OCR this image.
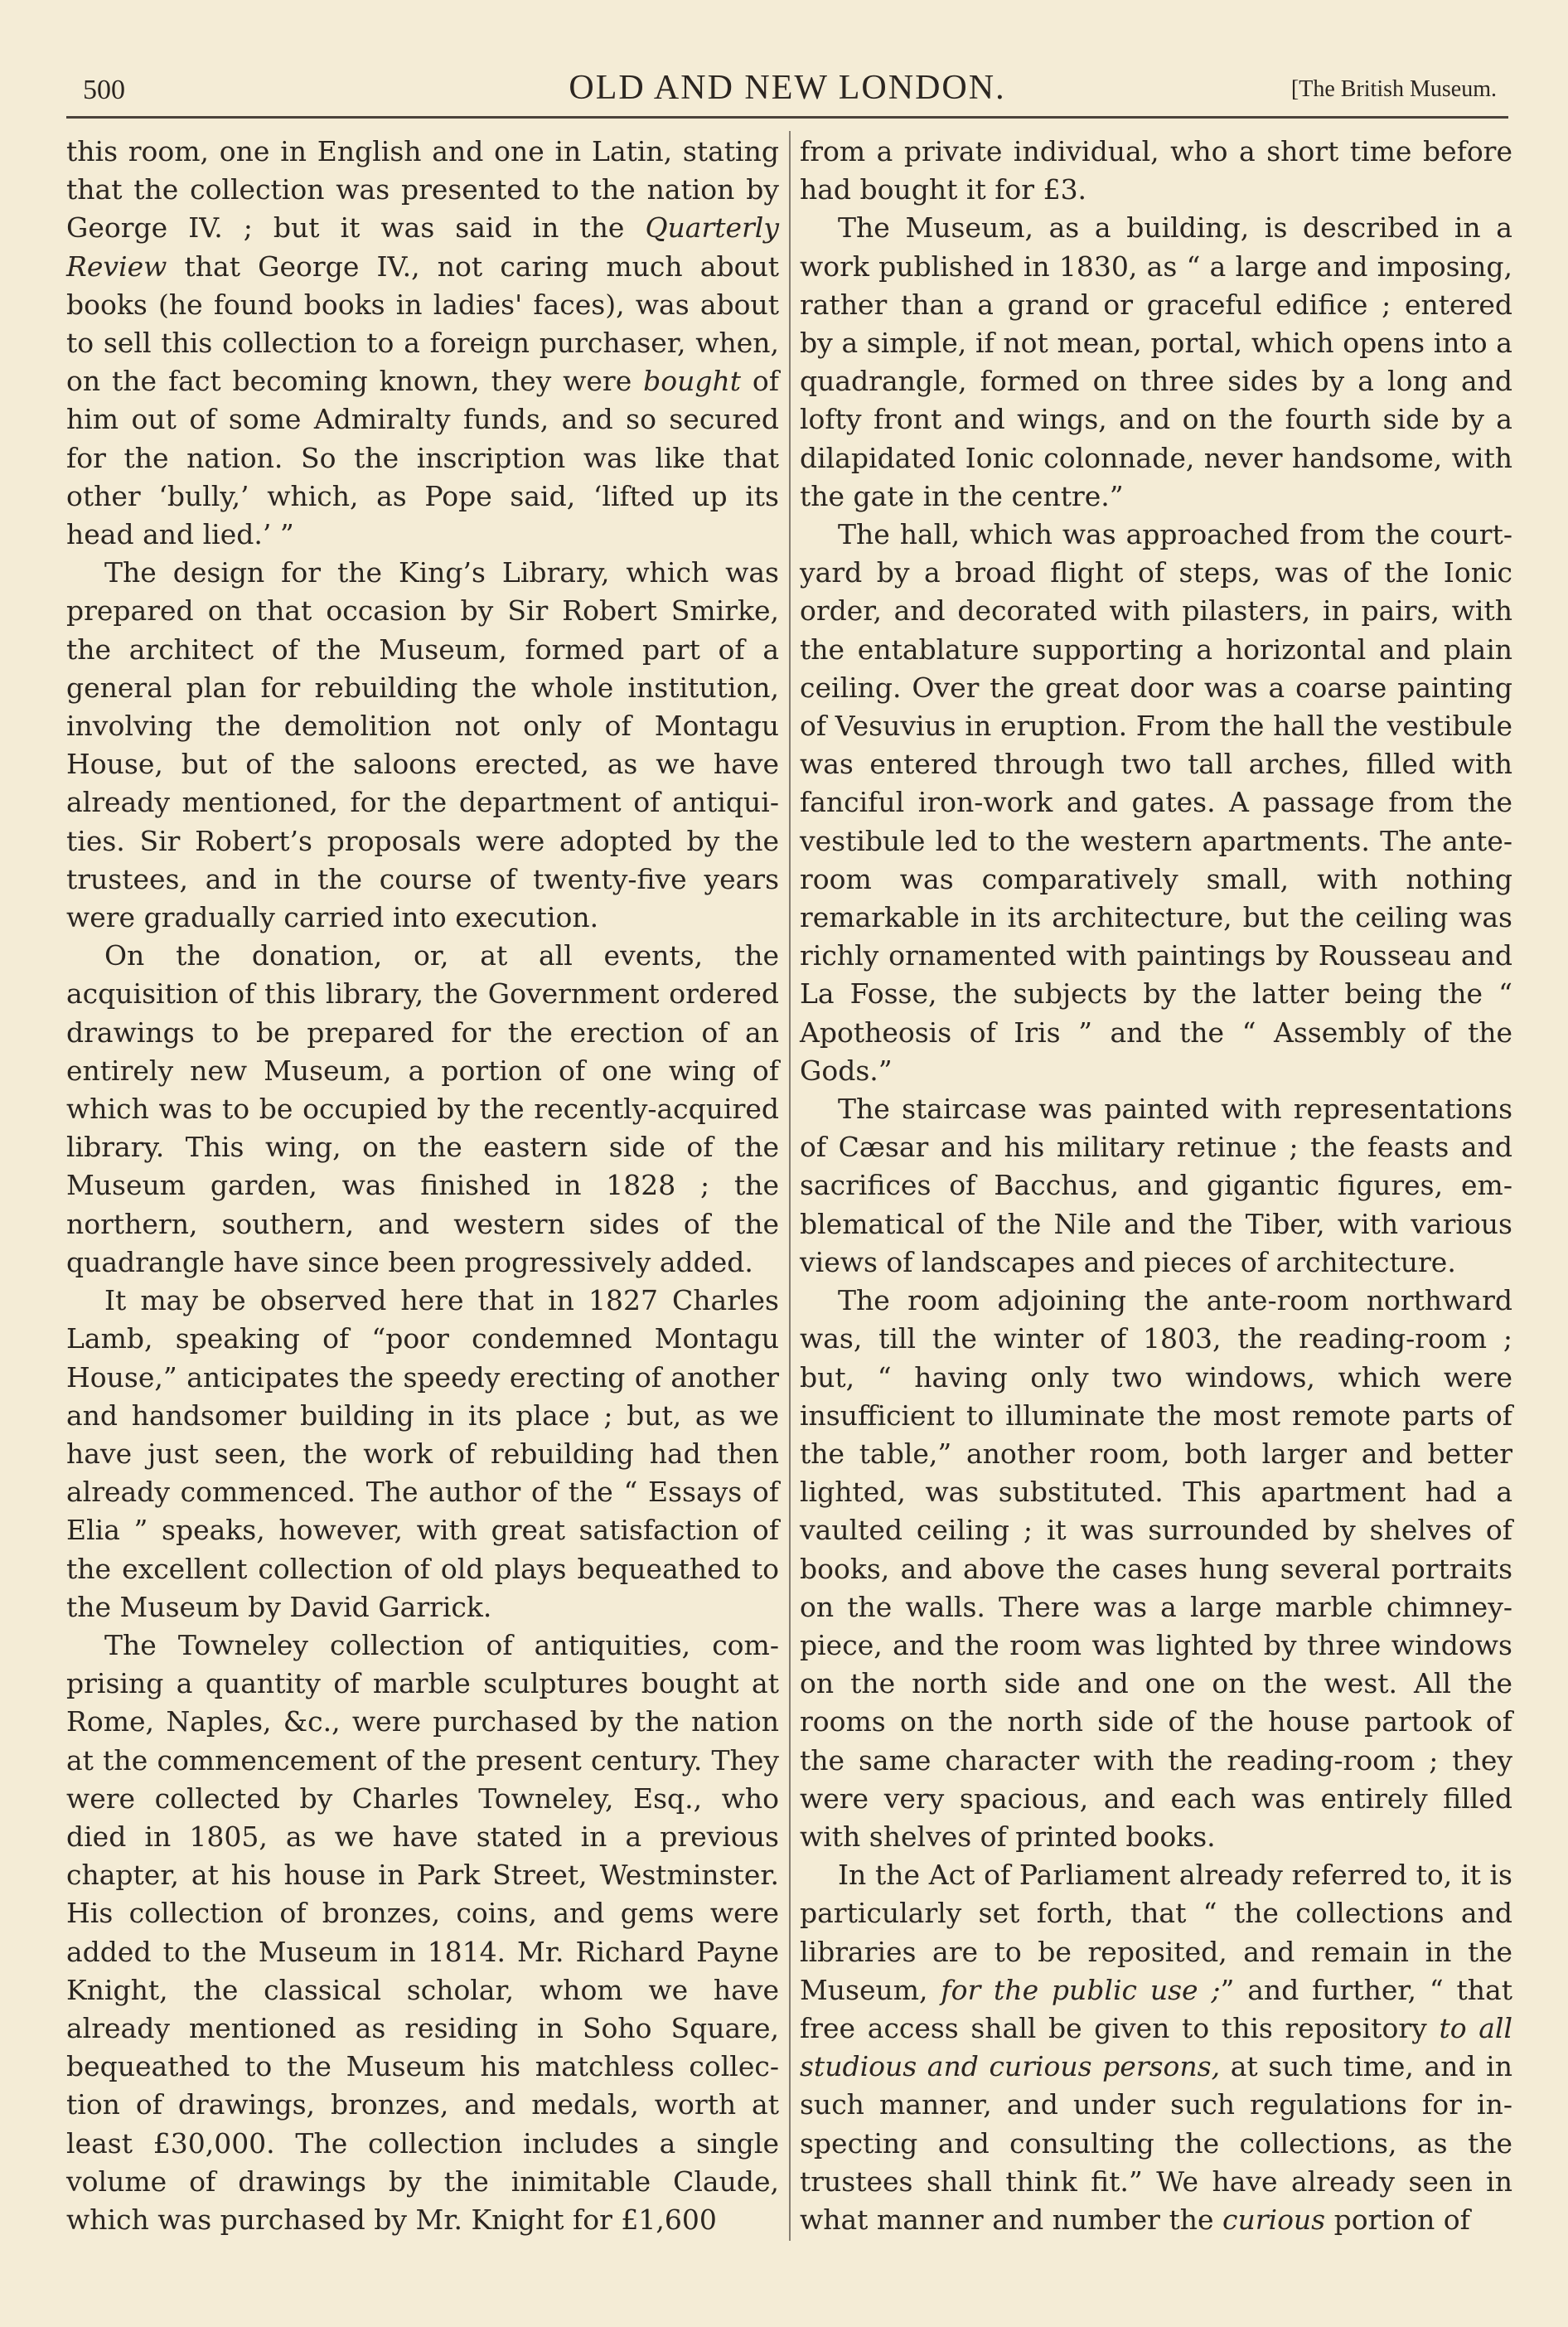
500	OLD AND NEW LONDON.	[The British Museum.

this room, one in English and one in Latin, stating that the collection was presented to the nation by George IV. ; but it was said in the Quarterly Review that George IV., not caring much about books (he found books in ladies' faces), was about to sell this collection to a foreign purchaser, when, on the fact becoming known, they were bought of him out of some Admiralty funds, and so secured for the nation. So the inscription was like that other ‘bully,’ which, as Pope said, ‘lifted up its head and lied.’ ”

The design for the King’s Library, which was prepared on that occasion by Sir Robert Smirke, the architect of the Museum, formed part of a general plan for rebuilding the whole institution, involving the demolition not only of Montagu House, but of the saloons erected, as we have already mentioned, for the department of antiquities. Sir Robert’s proposals were adopted by the trustees, and in the course of twenty-five years were gradually carried into execution.

On the donation, or, at all events, the acquisition of this library, the Government ordered drawings to be prepared for the erection of an entirely new Museum, a portion of one wing of which was to be occupied by the recently-acquired library. This wing, on the eastern side of the Museum garden, was finished in 1828 ; the northern, southern, and western sides of the quadrangle have since been progressively added.

It may be observed here that in 1827 Charles Lamb, speaking of “poor condemned Montagu House,” anticipates the speedy erecting of another and handsomer building in its place ; but, as we have just seen, the work of rebuilding had then already commenced. The author of the “ Essays of Elia ” speaks, however, with great satisfaction of the excellent collection of old plays bequeathed to the Museum by David Garrick.

The Towneley collection of antiquities, comprising a quantity of marble sculptures bought at Rome, Naples, &c., were purchased by the nation at the commencement of the present century. They were collected by Charles Towneley, Esq., who died in 1805, as we have stated in a previous chapter, at his house in Park Street, Westminster. His collection of bronzes, coins, and gems were added to the Museum in 1814. Mr. Richard Payne Knight, the classical scholar, whom we have already mentioned as residing in Soho Square, bequeathed to the Museum his matchless collection of drawings, bronzes, and medals, worth at least £30,000. The collection includes a single volume of drawings by the inimitable Claude, which was purchased by Mr. Knight for £1,600

from a private individual, who a short time before had bought it for £3.

The Museum, as a building, is described in a work published in 1830, as “ a large and imposing, rather than a grand or graceful edifice ; entered by a simple, if not mean, portal, which opens into a quadrangle, formed on three sides by a long and lofty front and wings, and on the fourth side by a dilapidated Ionic colonnade, never handsome, with the gate in the centre.”

The hall, which was approached from the courtyard by a broad flight of steps, was of the Ionic order, and decorated with pilasters, in pairs, with the entablature supporting a horizontal and plain ceiling. Over the great door was a coarse painting of Vesuvius in eruption. From the hall the vestibule was entered through two tall arches, filled with fanciful iron-work and gates. A passage from the vestibule led to the western apartments. The ante-room was comparatively small, with nothing remarkable in its architecture, but the ceiling was richly ornamented with paintings by Rousseau and La Fosse, the subjects by the latter being the “ Apotheosis of Iris ” and the “ Assembly of the Gods.”

The staircase was painted with representations of Cæsar and his military retinue ; the feasts and sacrifices of Bacchus, and gigantic figures, emblematical of the Nile and the Tiber, with various views of landscapes and pieces of architecture.

The room adjoining the ante-room northward was, till the winter of 1803, the reading-room ; but, “ having only two windows, which were insufficient to illuminate the most remote parts of the table,” another room, both larger and better lighted, was substituted. This apartment had a vaulted ceiling ; it was surrounded by shelves of books, and above the cases hung several portraits on the walls. There was a large marble chimney-piece, and the room was lighted by three windows on the north side and one on the west. All the rooms on the north side of the house partook of the same character with the reading-room ; they were very spacious, and each was entirely filled with shelves of printed books.

In the Act of Parliament already referred to, it is particularly set forth, that “ the collections and libraries are to be reposited, and remain in the Museum, for the public use ;” and further, “ that free access shall be given to this repository to all studious and curious persons, at such time, and in such manner, and under such regulations for inspecting and consulting the collections, as the trustees shall think fit.” We have already seen in what manner and number the curious portion of
